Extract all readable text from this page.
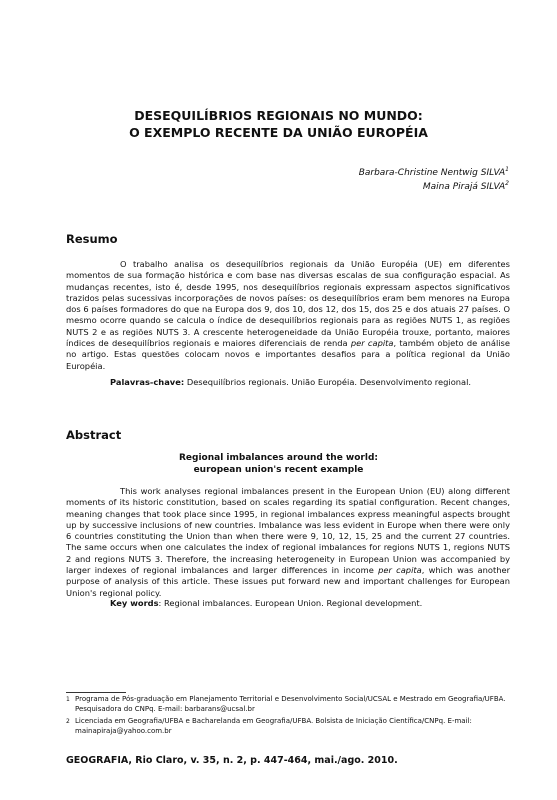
DESEQUILÍBRIOS REGIONAIS NO MUNDO:
O EXEMPLO RECENTE DA UNIÃO EUROPÉIA
Barbara-Christine Nentwig SILVA$^1$
Maina Pirajá SILVA$^2$
Resumo
O trabalho analisa os desequilíbrios regionais da União Européia (UE) em diferentes momentos de sua formação histórica e com base nas diversas escalas de sua configuração espacial. As mudanças recentes, isto é, desde 1995, nos desequilíbrios regionais expressam aspectos significativos trazidos pelas sucessivas incorporações de novos países: os desequilíbrios eram bem menores na Europa dos 6 países formadores do que na Europa dos 9, dos 10, dos 12, dos 15, dos 25 e dos atuais 27 países. O mesmo ocorre quando se calcula o índice de desequilíbrios regionais para as regiões NUTS 1, as regiões NUTS 2 e as regiões NUTS 3. A crescente heterogeneidade da União Européia trouxe, portanto, maiores índices de desequilíbrios regionais e maiores diferenciais de renda per capita, também objeto de análise no artigo. Estas questões colocam novos e importantes desafios para a política regional da União Européia.
Palavras-chave: Desequilíbrios regionais. União Européia. Desenvolvimento regional.
Abstract
Regional imbalances around the world:
european union's recent example
This work analyses regional imbalances present in the European Union (EU) along different moments of its historic constitution, based on scales regarding its spatial configuration. Recent changes, meaning changes that took place since 1995, in regional imbalances express meaningful aspects brought up by successive inclusions of new countries. Imbalance was less evident in Europe when there were only 6 countries constituting the Union than when there were 9, 10, 12, 15, 25 and the current 27 countries. The same occurs when one calculates the index of regional imbalances for regions NUTS 1, regions NUTS 2 and regions NUTS 3. Therefore, the increasing heterogeneity in European Union was accompanied by larger indexes of regional imbalances and larger differences in income per capita, which was another purpose of analysis of this article. These issues put forward new and important challenges for European Union's regional policy.
Key words: Regional imbalances. European Union. Regional development.
1 Programa de Pós-graduação em Planejamento Territorial e Desenvolvimento Social/UCSAL e Mestrado em Geografia/UFBA. Pesquisadora do CNPq. E-mail: barbarans@ucsal.br
2 Licenciada em Geografia/UFBA e Bacharelanda em Geografia/UFBA. Bolsista de Iniciação Científica/CNPq. E-mail: mainapiraja@yahoo.com.br
GEOGRAFIA, Rio Claro, v. 35, n. 2, p. 447-464, mai./ago. 2010.
